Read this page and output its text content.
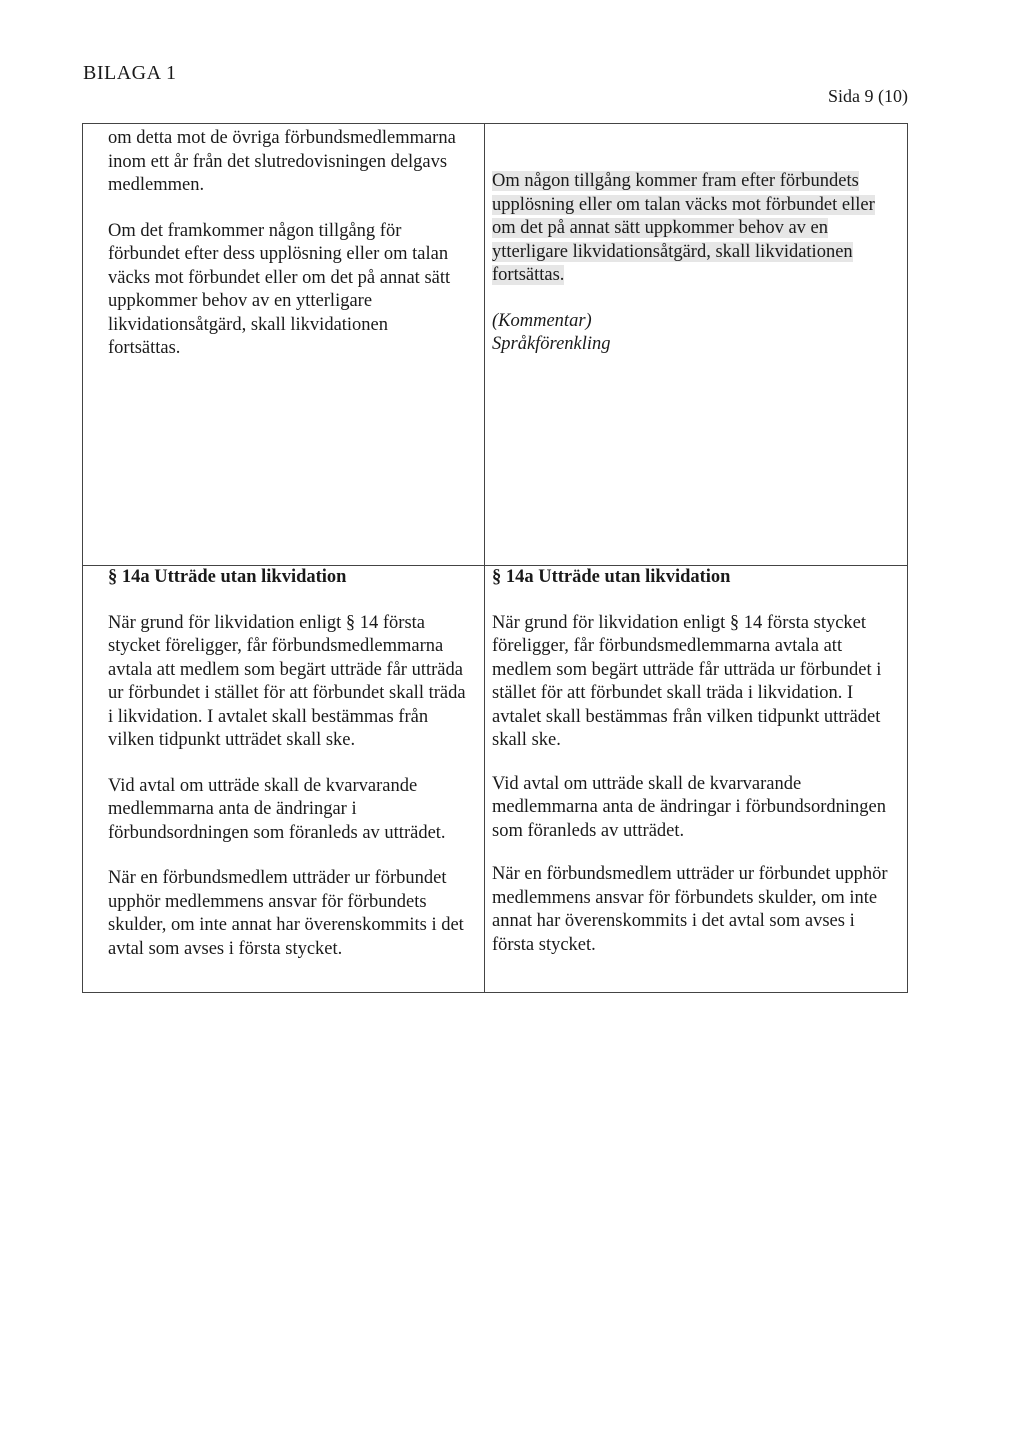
BILAGA 1
Sida 9 (10)

om detta mot de övriga förbundsmedlemmarna inom ett år från det slutredovisningen delgavs medlemmen.

Om det framkommer någon tillgång för förbundet efter dess upplösning eller om talan väcks mot förbundet eller om det på annat sätt uppkommer behov av en ytterligare likvidationsåtgärd, skall likvidationen fortsättas.

Om någon tillgång kommer fram efter förbundets upplösning eller om talan väcks mot förbundet eller om det på annat sätt uppkommer behov av en ytterligare likvidationsåtgärd, skall likvidationen fortsättas.

(Kommentar)

Språkförenkling

§ 14a Utträde utan likvidation

När grund för likvidation enligt § 14 första stycket föreligger, får förbundsmedlemmarna avtala att medlem som begärt utträde får utträda ur förbundet i stället för att förbundet skall träda i likvidation. I avtalet skall bestämmas från vilken tidpunkt utträdet skall ske.

Vid avtal om utträde skall de kvarvarande medlemmarna anta de ändringar i förbundsordningen som föranleds av utträdet.

När en förbundsmedlem utträder ur förbundet upphör medlemmens ansvar för förbundets skulder, om inte annat har överenskommits i det avtal som avses i första stycket.

§ 14a Utträde utan likvidation

När grund för likvidation enligt § 14 första stycket föreligger, får förbundsmedlemmarna avtala att medlem som begärt utträde får utträda ur förbundet i stället för att förbundet skall träda i likvidation. I avtalet skall bestämmas från vilken tidpunkt utträdet skall ske.

Vid avtal om utträde skall de kvarvarande medlemmarna anta de ändringar i förbundsordningen som föranleds av utträdet.

När en förbundsmedlem utträder ur förbundet upphör medlemmens ansvar för förbundets skulder, om inte annat har överenskommits i det avtal som avses i första stycket.
